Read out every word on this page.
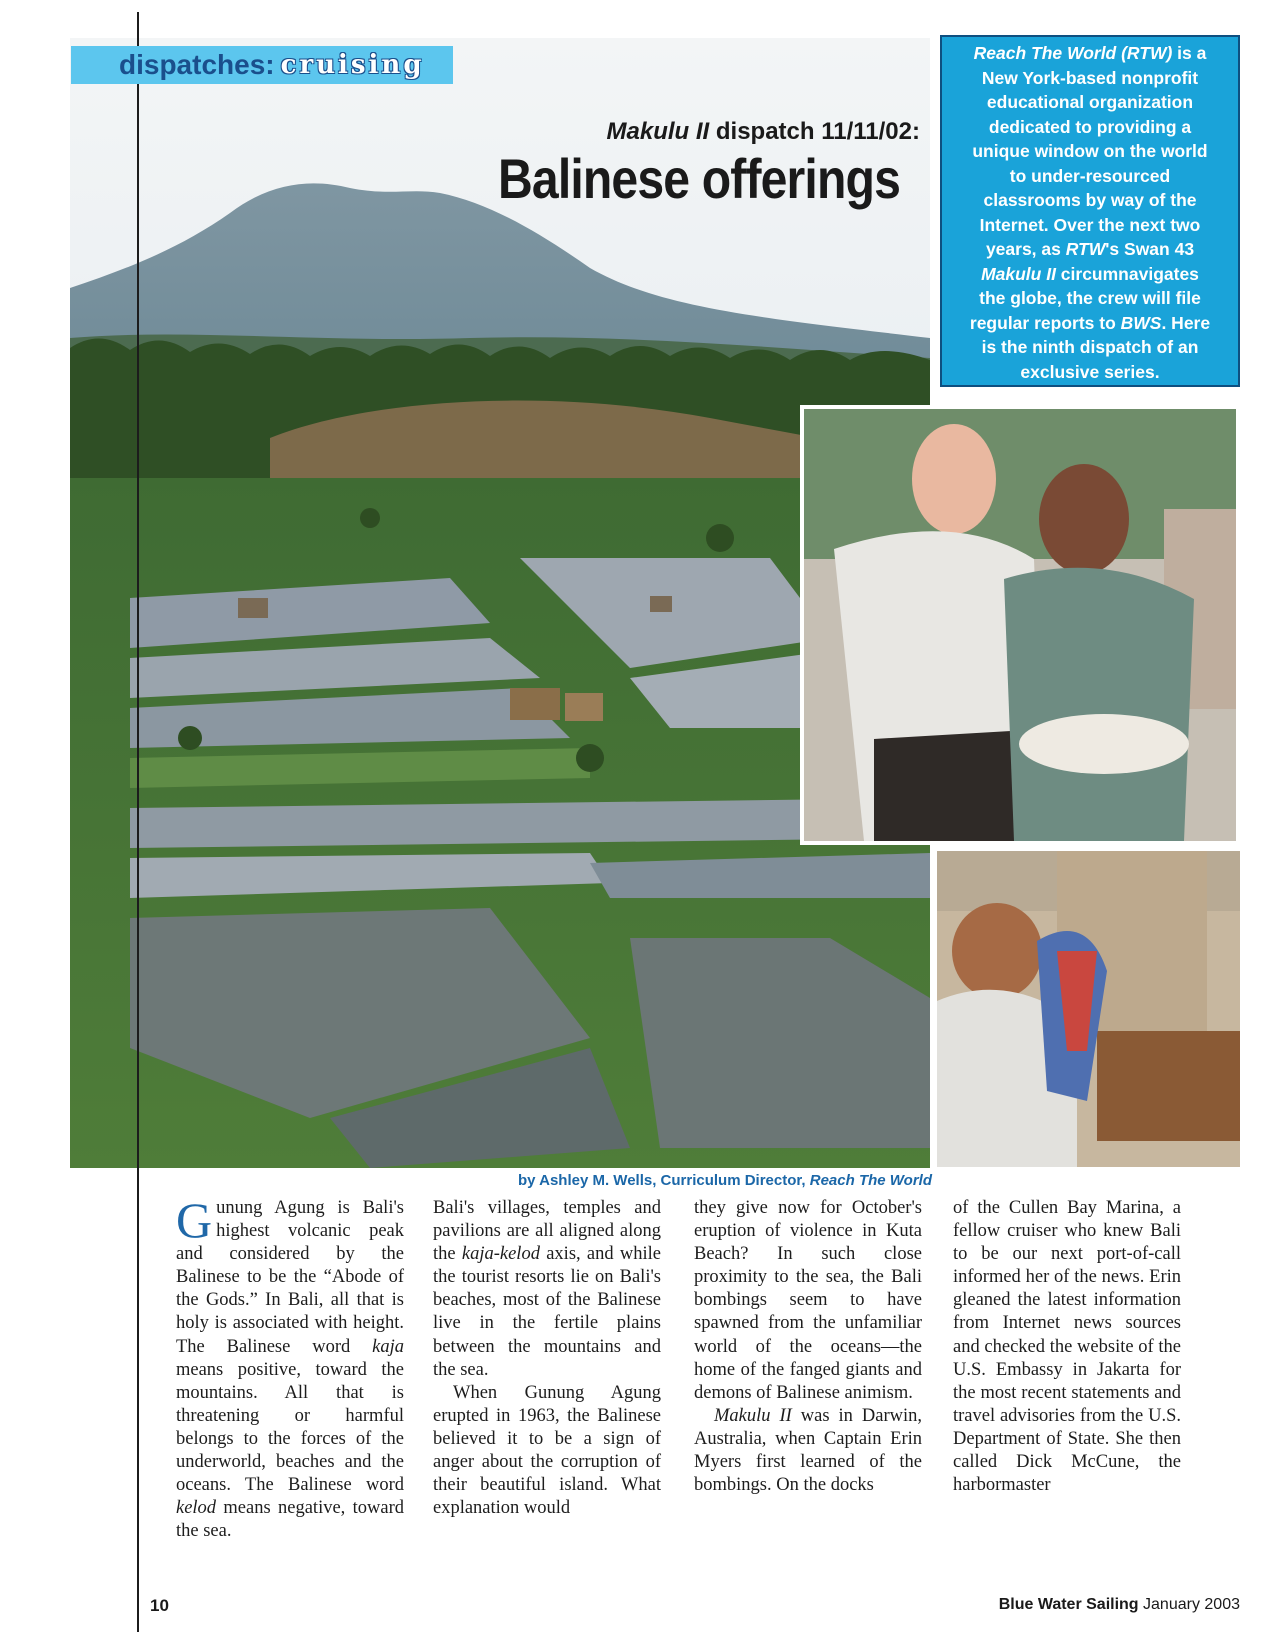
dispatches: cruising
Makulu II dispatch 11/11/02:
Balinese offerings
Reach The World (RTW) is a
New York-based nonprofit
educational organization
dedicated to providing a
unique window on the world
to under-resourced
classrooms by way of the
Internet. Over the next two
years, as RTW's Swan 43
Makulu II circumnavigates
the globe, the crew will file
regular reports to BWS. Here
is the ninth dispatch of an
exclusive series.
by Ashley M. Wells, Curriculum Director, Reach The World

Gunung Agung is Bali's highest volcanic peak and considered by the Balinese to be the “Abode of the Gods.” In Bali, all that is holy is associated with height. The Balinese word kaja means positive, toward the mountains. All that is threatening or harmful belongs to the forces of the underworld, beaches and the oceans. The Balinese word kelod means negative, toward the sea.

Bali's villages, temples and pavilions are all aligned along the kaja-kelod axis, and while the tourist resorts lie on Bali's beaches, most of the Balinese live in the fertile plains between the mountains and the sea.

When Gunung Agung erupted in 1963, the Balinese believed it to be a sign of anger about the corruption of their beautiful island. What explanation would

they give now for October's eruption of violence in Kuta Beach? In such close proximity to the sea, the Bali bombings seem to have spawned from the unfamiliar world of the oceans—the home of the fanged giants and demons of Balinese animism.

Makulu II was in Darwin, Australia, when Captain Erin Myers first learned of the bombings. On the docks

of the Cullen Bay Marina, a fellow cruiser who knew Bali to be our next port-of-call informed her of the news. Erin gleaned the latest information from Internet news sources and checked the website of the U.S. Embassy in Jakarta for the most recent statements and travel advisories from the U.S. Department of State. She then called Dick McCune, the harbormaster

10	Blue Water Sailing January 2003
